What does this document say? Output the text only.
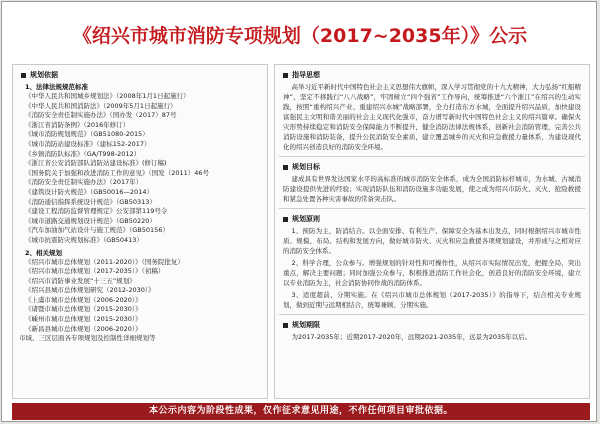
《绍兴市城市消防专项规划（2017~2035年）》公示
规划依据
1、法律法规规范标准
《中华人民共和国城乡规划法》（2008年1月1日起施行）
《中华人民共和国消防法》（2009年5月1日起施行）
《消防安全责任制实施办法》（国办发（2017）87号
《浙江省消防条例》（2016年修订）
《城市消防规划规范》（GB51080-2015）
《城市消防站建设标准》（建标152-2017）
《乡镇消防队标准》（GA/T998-2012）
《浙江省公安消防部队消防站建设标准》(修订稿)
《国务院关于加强和改进消防工作的意见》（国发（2011）46号
《消防安全责任制实施办法》（2017年）
《建筑设计防火规范》（GB50016—2014）
《消防通信指挥系统设计规范》（GB50313）
《建设工程消防监督管理规定》公安部第119号令
《城市道路交通规划设计规范》（GB50220）
《汽车加油加气站设计与施工规范》（GB50156）
《城市抗震防灾规划标准》（GB50413）
2、相关规划
《绍兴市城市总体规划（2011-2020）》（国务院批复）
《绍兴市城市总体规划（2017-2035）》（初稿）
《绍兴市消防事业发展“十三五”规划》
《绍兴县城市总体规划研究（2012-2030）》
《上虞市城市总体规划（2006-2020）》
《诸暨市城市总体规划（2015-2030）》
《嵊州市城市总体规划（2015-2030）》
《新昌县城市总体规划（2006-2020）》
市域、三区层面各专项规划及控制性详细规划等
指导思想
高举习近平新时代中国特色社会主义思想伟大旗帜，深入学习贯彻党的十九大精神，大力弘扬“红船精神”，坚定不移践行“八八战略”，牢固树立“四个强省”工作导向，统筹推进“六个浙江”在绍兴的生动实践，按照“重构绍兴产业、重建绍兴水城”战略部署，全力打造东方水城，全面提升绍兴品质，加快建设富强民主文明和谐美丽的社会主义现代化强市，奋力谱写新时代中国特色社会主义的绍兴篇章。确保火灾形势持续稳定和消防安全保障能力不断提升，健全消防法律法规体系，创新社会消防管理，完善公共消防设施和消防装备，提升公民消防安全素质，建立覆盖城乡的灭火和应急救援力量体系，为建设现代化的绍兴创造良好的消防安全环境。
规划目标
建成具有世界发达国家水平的高标准的城市消防安全体系，成为全国消防标杆城市，为水城、古城消防建设提供先进的经验；实现消防队伍和消防设施多功能发展，使之成为绍兴市防火、灭火、抢险救援和紧急处置各种灾害事故的常备突击队。
规划原则
1、预防为主，防消结合。以全面安排、有利生产、保障安全为基本出发点，同时根据绍兴市城市性质、规模、布局、结构和发展方向，做好城市防火、灭火和应急救援各项规划建设，并形成与之相对应的消防安全体系。
2、科学合理，公众参与。增强规划的针对性和可操作性，从绍兴市实际情况出发，把握全局，突出重点，解决主要问题；同时加强公众参与，积极推进消防工作社会化，创造良好的消防安全环境，建立以专业消防为主，社会消防协同作战的消防体系。
3、适度超前、分期实施。在《绍兴市城市总体规划（2017-2035）》的指导下，结合相关专业规划，做到近期与远期相结合，统筹兼顾、分期实施。
规划期限
为2017-2035年；近期2017-2020年，远期2021-2035年，远景为2035年以后。
本公示内容为阶段性成果，仅作征求意见用途，不作任何项目审批依据。
